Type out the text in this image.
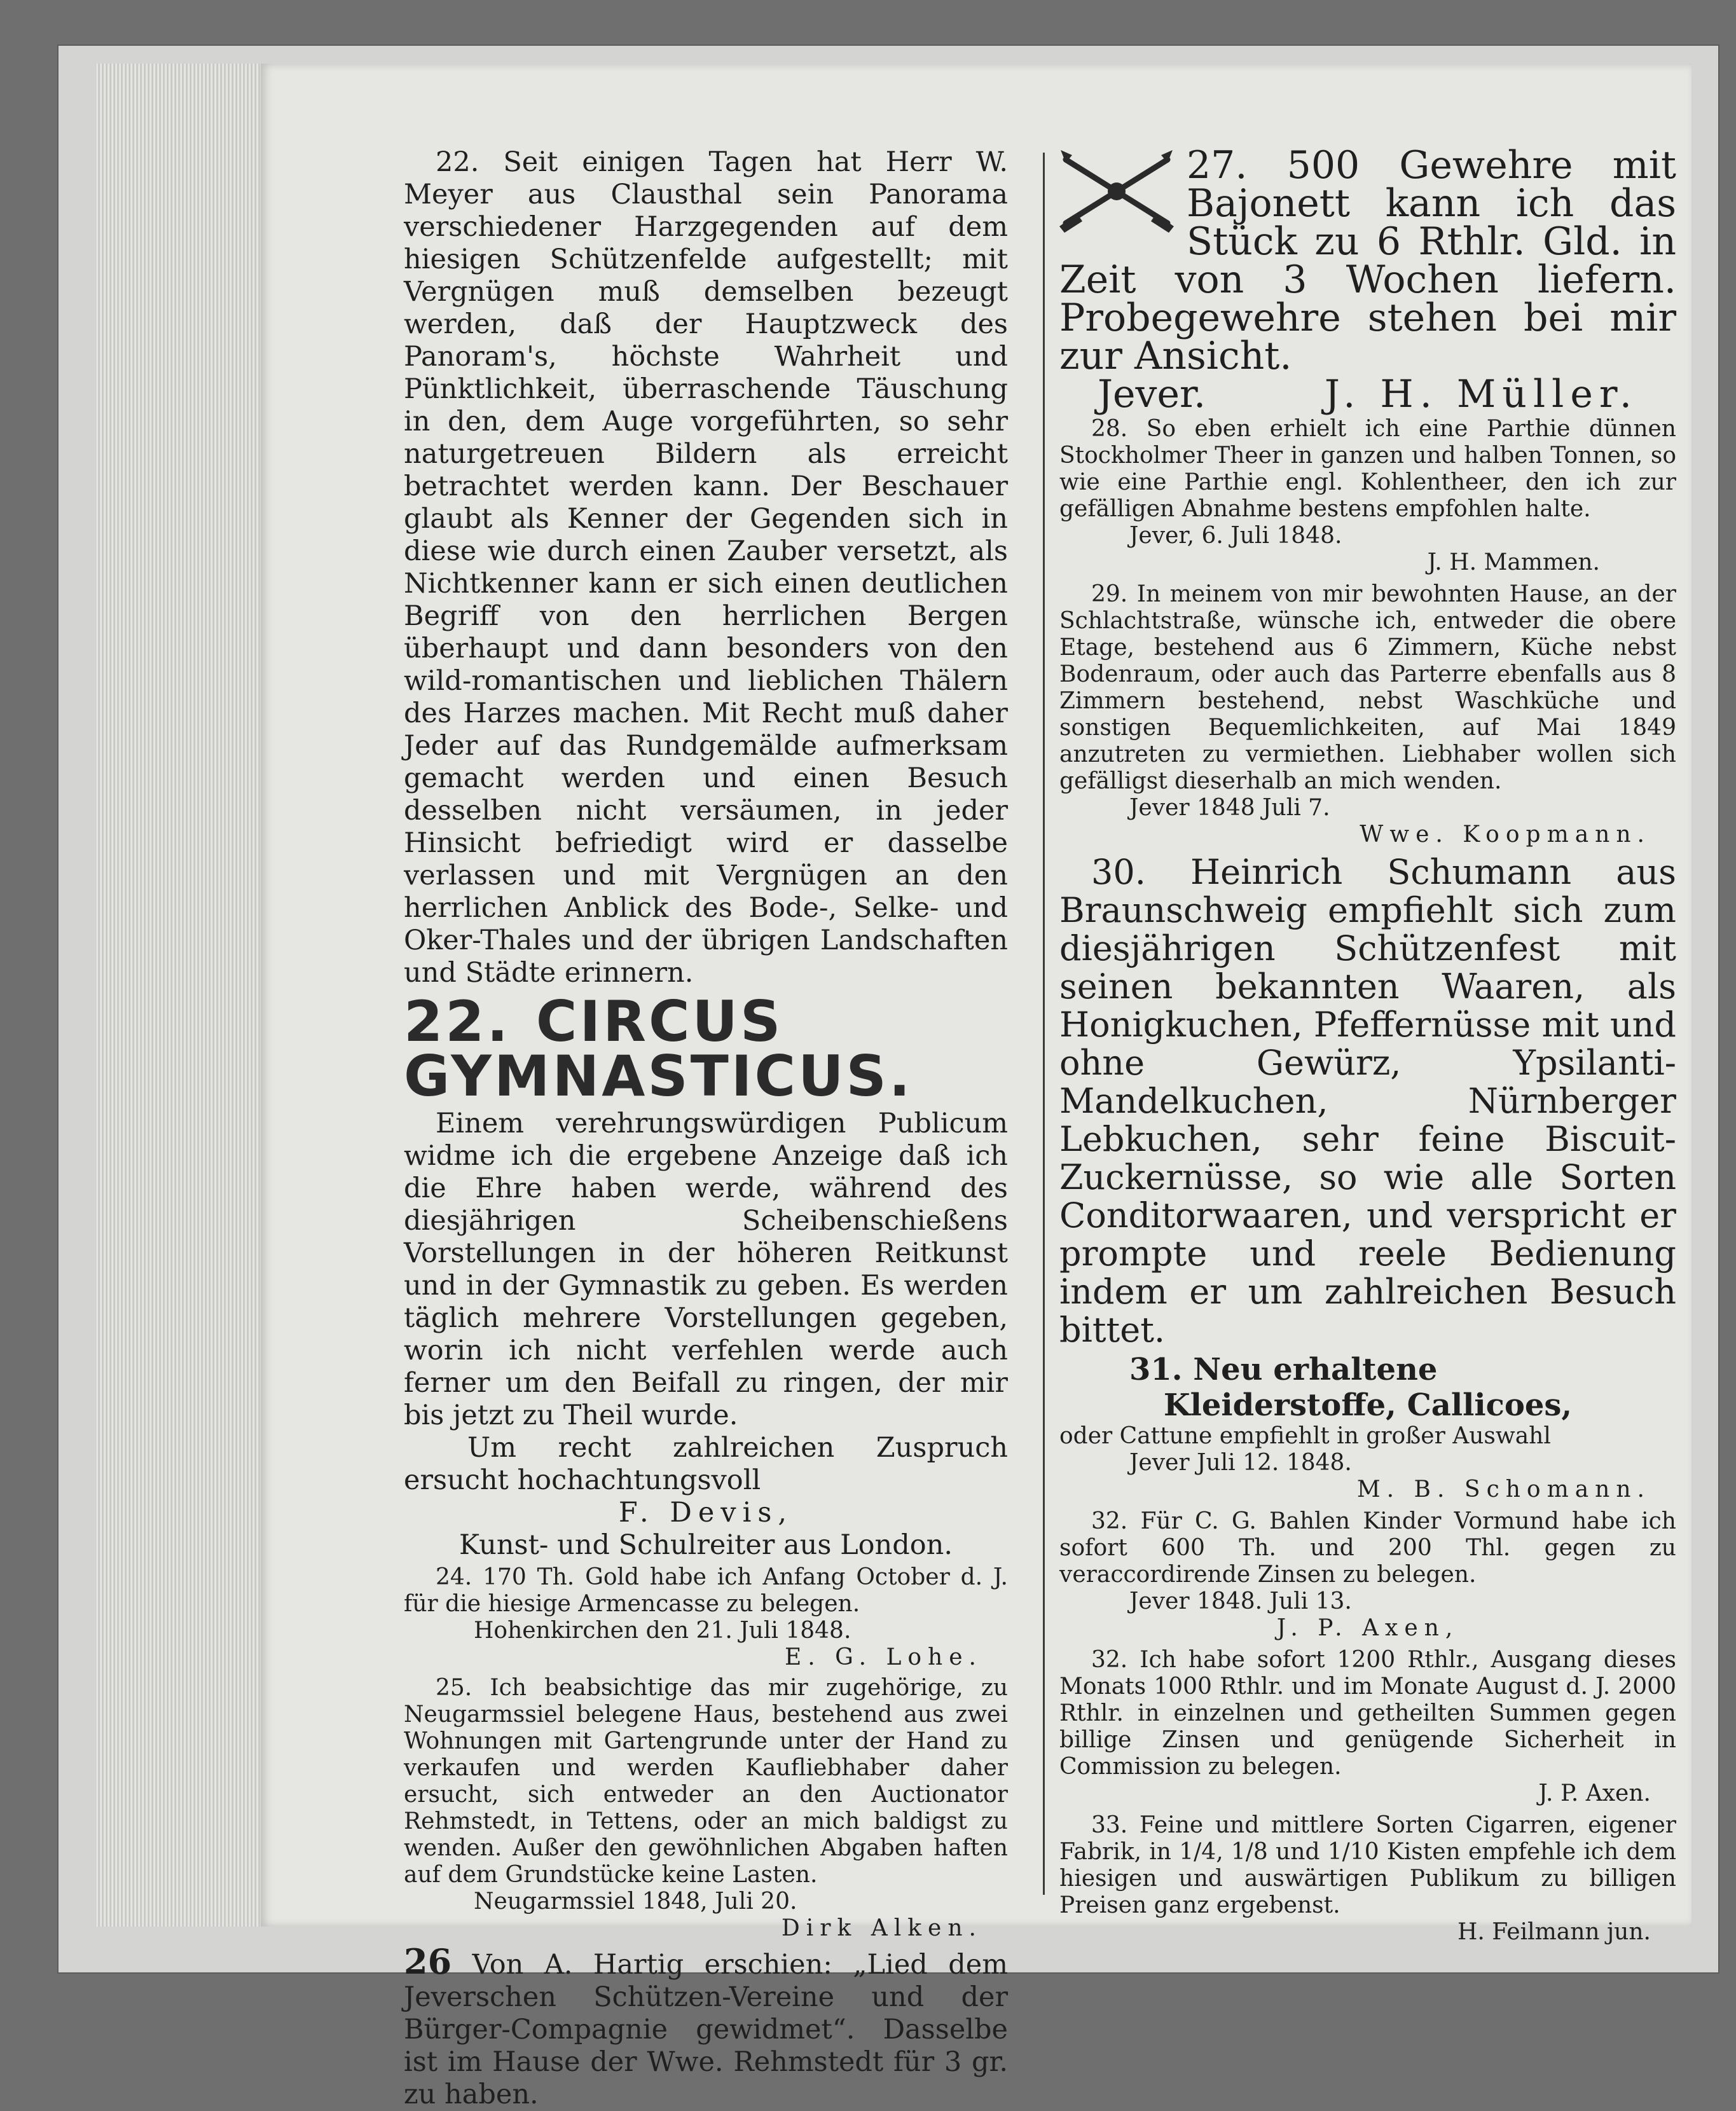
22. Seit einigen Tagen hat Herr W. Meyer aus Clausthal sein Panorama verschiedener Harzgegenden auf dem hiesigen Schützenfelde aufgestellt; mit Vergnügen muß demselben bezeugt werden, daß der Hauptzweck des Panoram's, höchste Wahrheit und Pünktlichkeit, überraschende Täuschung in den, dem Auge vorgeführten, so sehr naturgetreuen Bildern als erreicht betrachtet werden kann. Der Beschauer glaubt als Kenner der Gegenden sich in diese wie durch einen Zauber versetzt, als Nichtkenner kann er sich einen deutlichen Begriff von den herrlichen Bergen überhaupt und dann besonders von den wild-romantischen und lieblichen Thälern des Harzes machen. Mit Recht muß daher Jeder auf das Rundgemälde aufmerksam gemacht werden und einen Besuch desselben nicht versäumen, in jeder Hinsicht befriedigt wird er dasselbe verlassen und mit Vergnügen an den herrlichen Anblick des Bode-, Selke- und Oker-Thales und der übrigen Landschaften und Städte erinnern.

22. CIRCUS
GYMNASTICUS.

Einem verehrungswürdigen Publicum widme ich die ergebene Anzeige daß ich die Ehre haben werde, während des diesjährigen Scheibenschießens Vorstellungen in der höheren Reitkunst und in der Gymnastik zu geben. Es werden täglich mehrere Vorstellungen gegeben, worin ich nicht verfehlen werde auch ferner um den Beifall zu ringen, der mir bis jetzt zu Theil wurde.

Um recht zahlreichen Zuspruch ersucht hochachtungsvoll

F. Devis,

Kunst- und Schulreiter aus London.

24. 170 Th. Gold habe ich Anfang October d. J. für die hiesige Armencasse zu belegen.

Hohenkirchen den 21. Juli 1848.

E. G. Lohe.

25. Ich beabsichtige das mir zugehörige, zu Neugarmssiel belegene Haus, bestehend aus zwei Wohnungen mit Gartengrunde unter der Hand zu verkaufen und werden Kaufliebhaber daher ersucht, sich entweder an den Auctionator Rehmstedt, in Tettens, oder an mich baldigst zu wenden. Außer den gewöhnlichen Abgaben haften auf dem Grundstücke keine Lasten.

Neugarmssiel 1848, Juli 20.

Dirk Alken.

26 Von A. Hartig erschien: „Lied dem Jeverschen Schützen-Vereine und der Bürger-Compagnie gewidmet“. Dasselbe ist im Hause der Wwe. Rehmstedt für 3 gr. zu haben.

27. 500 Gewehre mit Bajonett kann ich das Stück zu 6 Rthlr. Gld. in Zeit von 3 Wochen liefern. Probegewehre stehen bei mir zur Ansicht.

Jever.	J. H. Müller.

28. So eben erhielt ich eine Parthie dünnen Stockholmer Theer in ganzen und halben Tonnen, so wie eine Parthie engl. Kohlentheer, den ich zur gefälligen Abnahme bestens empfohlen halte.

Jever, 6. Juli 1848.

J. H. Mammen.

29. In meinem von mir bewohnten Hause, an der Schlachtstraße, wünsche ich, entweder die obere Etage, bestehend aus 6 Zimmern, Küche nebst Bodenraum, oder auch das Parterre ebenfalls aus 8 Zimmern bestehend, nebst Waschküche und sonstigen Bequemlichkeiten, auf Mai 1849 anzutreten zu vermiethen. Liebhaber wollen sich gefälligst dieserhalb an mich wenden.

Jever 1848 Juli 7.

Wwe. Koopmann.

30. Heinrich Schumann aus Braunschweig empfiehlt sich zum diesjährigen Schützenfest mit seinen bekannten Waaren, als Honigkuchen, Pfeffernüsse mit und ohne Gewürz, Ypsilanti-Mandelkuchen, Nürnberger Lebkuchen, sehr feine Biscuit-Zuckernüsse, so wie alle Sorten Conditorwaaren, und verspricht er prompte und reele Bedienung indem er um zahlreichen Besuch bittet.

31. Neu erhaltene

Kleiderstoffe, Callicoes,

oder Cattune empfiehlt in großer Auswahl

Jever Juli 12. 1848.

M. B. Schomann.

32. Für C. G. Bahlen Kinder Vormund habe ich sofort 600 Th. und 200 Thl. gegen zu veraccordirende Zinsen zu belegen.

Jever 1848. Juli 13.

J. P. Axen,

32. Ich habe sofort 1200 Rthlr., Ausgang dieses Monats 1000 Rthlr. und im Monate August d. J. 2000 Rthlr. in einzelnen und getheilten Summen gegen billige Zinsen und genügende Sicherheit in Commission zu belegen.

J. P. Axen.

33. Feine und mittlere Sorten Cigarren, eigener Fabrik, in 1/4, 1/8 und 1/10 Kisten empfehle ich dem hiesigen und auswärtigen Publikum zu billigen Preisen ganz ergebenst.

H. Feilmann jun.
